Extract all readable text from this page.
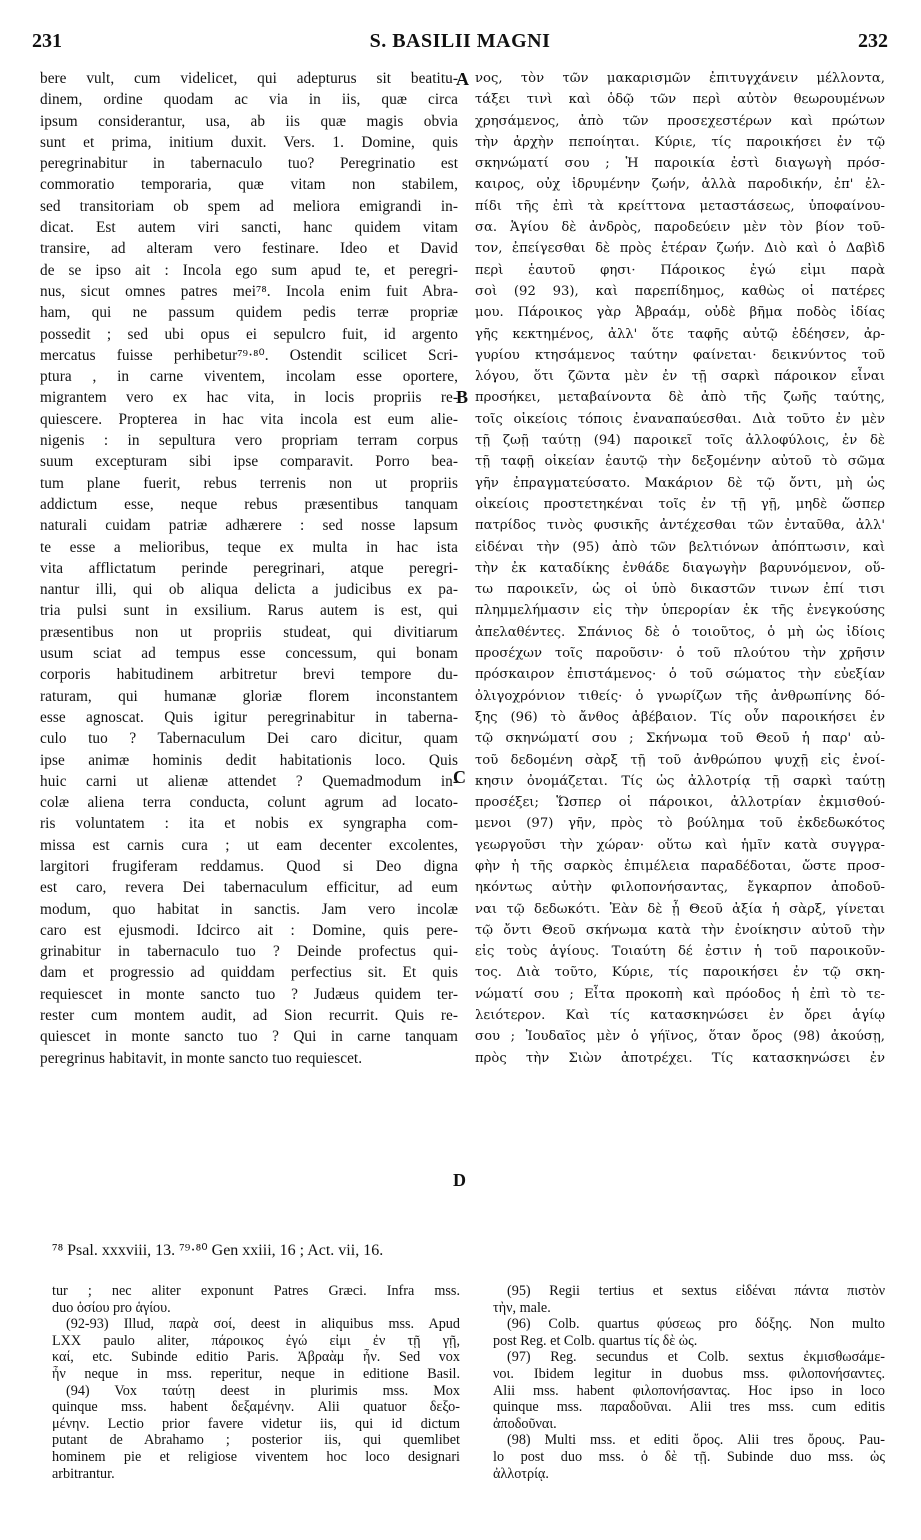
231	S. BASILII MAGNI	232
bere vult, cum videlicet, qui adepturus sit beatitu-
dinem, ordine quodam ac via in iis, quæ circa
ipsum considerantur, usa, ab iis quæ magis obvia
sunt et prima, initium duxit. Vers. 1. Domine, quis
peregrinabitur in tabernaculo tuo? Peregrinatio est
commoratio temporaria, quæ vitam non stabilem,
sed transitoriam ob spem ad meliora emigrandi in-
dicat. Est autem viri sancti, hanc quidem vitam
transire, ad alteram vero festinare. Ideo et David
de se ipso ait : Incola ego sum apud te, et peregri-
nus, sicut omnes patres mei⁷⁸. Incola enim fuit Abra-
ham, qui ne passum quidem pedis terræ propriæ
possedit ; sed ubi opus ei sepulcro fuit, id argento
mercatus fuisse perhibetur⁷⁹·⁸⁰. Ostendit scilicet Scri-
ptura , in carne viventem, incolam esse oportere,
migrantem vero ex hac vita, in locis propriis re-
quiescere. Propterea in hac vita incola est eum alie-
nigenis : in sepultura vero propriam terram corpus
suum excepturam sibi ipse comparavit. Porro bea-
tum plane fuerit, rebus terrenis non ut propriis
addictum esse, neque rebus præsentibus tanquam
naturali cuidam patriæ adhærere : sed nosse lapsum
te esse a melioribus, teque ex multa in hac ista
vita afflictatum perinde peregrinari, atque peregri-
nantur illi, qui ob aliqua delicta a judicibus ex pa-
tria pulsi sunt in exsilium. Rarus autem is est, qui
præsentibus non ut propriis studeat, qui divitiarum
usum sciat ad tempus esse concessum, qui bonam
corporis habitudinem arbitretur brevi tempore du-
raturam, qui humanæ gloriæ florem inconstantem
esse agnoscat. Quis igitur peregrinabitur in taberna-
culo tuo ? Tabernaculum Dei caro dicitur, quam
ipse animæ hominis dedit habitationis loco. Quis
huic carni ut alienæ attendet ? Quemadmodum in-
colæ aliena terra conducta, colunt agrum ad locato-
ris voluntatem : ita et nobis ex syngrapha com-
missa est carnis cura ; ut eam decenter excolentes,
largitori frugiferam reddamus. Quod si Deo digna
est caro, revera Dei tabernaculum efficitur, ad eum
modum, quo habitat in sanctis. Jam vero incolæ
caro est ejusmodi. Idcirco ait : Domine, quis pere-
grinabitur in tabernaculo tuo ? Deinde profectus qui-
dam et progressio ad quiddam perfectius sit. Et quis
requiescet in monte sancto tuo ? Judæus quidem ter-
rester cum montem audit, ad Sion recurrit. Quis re-
quiescet in monte sancto tuo ? Qui in carne tanquam
peregrinus habitavit, in monte sancto tuo requiescet.
A
B
C
D
νος, τὸν τῶν μακαρισμῶν ἐπιτυγχάνειν μέλλοντα,
τάξει τινὶ καὶ ὁδῷ τῶν περὶ αὐτὸν θεωρουμένων
χρησάμενος, ἀπὸ τῶν προσεχεστέρων καὶ πρώτων
τὴν ἀρχὴν πεποίηται. Κύριε, τίς παροικήσει ἐν τῷ
σκηνώματί σου ; Ἡ παροικία ἐστὶ διαγωγὴ πρόσ-
καιρος, οὐχ ἱδρυμένην ζωήν, ἀλλὰ παροδικήν, ἐπ' ἐλ-
πίδι τῆς ἐπὶ τὰ κρείττονα μεταστάσεως, ὑποφαίνου-
σα. Ἁγίου δὲ ἀνδρὸς, παροδεύειν μὲν τὸν βίον τοῦ-
τον, ἐπείγεσθαι δὲ πρὸς ἑτέραν ζωήν. Διὸ καὶ ὁ Δαβὶδ
περὶ ἑαυτοῦ φησι· Πάροικος ἐγώ εἰμι παρὰ
σοὶ (92 93), καὶ παρεπίδημος, καθὼς οἱ πατέρες
μου. Πάροικος γὰρ Ἀβραάμ, οὐδὲ βῆμα ποδὸς ἰδίας
γῆς κεκτημένος, ἀλλ' ὅτε ταφῆς αὐτῷ ἐδέησεν, ἀρ-
γυρίου κτησάμενος ταύτην φαίνεται· δεικνύντος τοῦ
λόγου, ὅτι ζῶντα μὲν ἐν τῇ σαρκὶ πάροικον εἶναι
προσήκει, μεταβαίνοντα δὲ ἀπὸ τῆς ζωῆς ταύτης,
τοῖς οἰκείοις τόποις ἐναναπαύεσθαι. Διὰ τοῦτο ἐν μὲν
τῇ ζωῇ ταύτῃ (94) παροικεῖ τοῖς ἀλλοφύλοις, ἐν δὲ
τῇ ταφῇ οἰκείαν ἑαυτῷ τὴν δεξομένην αὐτοῦ τὸ σῶμα
γῆν ἐπραγματεύσατο. Μακάριον δὲ τῷ ὄντι, μὴ ὡς
οἰκείοις προστετηκέναι τοῖς ἐν τῇ γῇ, μηδὲ ὥσπερ
πατρίδος τινὸς φυσικῆς ἀντέχεσθαι τῶν ἐνταῦθα, ἀλλ'
εἰδέναι τὴν (95) ἀπὸ τῶν βελτιόνων ἀπόπτωσιν, καὶ
τὴν ἐκ καταδίκης ἐνθάδε διαγωγὴν βαρυνόμενον, οὕ-
τω παροικεῖν, ὡς οἱ ὑπὸ δικαστῶν τινων ἐπί τισι
πλημμελήμασιν εἰς τὴν ὑπερορίαν ἐκ τῆς ἐνεγκούσης
ἀπελαθέντες. Σπάνιος δὲ ὁ τοιοῦτος, ὁ μὴ ὡς ἰδίοις
προσέχων τοῖς παροῦσιν· ὁ τοῦ πλούτου τὴν χρῆσιν
πρόσκαιρον ἐπιστάμενος· ὁ τοῦ σώματος τὴν εὐεξίαν
ὀλιγοχρόνιον τιθείς· ὁ γνωρίζων τῆς ἀνθρωπίνης δό-
ξης (96) τὸ ἄνθος ἀβέβαιον. Τίς οὖν παροικήσει ἐν
τῷ σκηνώματί σου ; Σκήνωμα τοῦ Θεοῦ ἡ παρ' αὐ-
τοῦ δεδομένη σὰρξ τῇ τοῦ ἀνθρώπου ψυχῇ εἰς ἐνοί-
κησιν ὀνομάζεται. Τίς ὡς ἀλλοτρίᾳ τῇ σαρκὶ ταύτῃ
προσέξει; Ὥσπερ οἱ πάροικοι, ἀλλοτρίαν ἐκμισθού-
μενοι (97) γῆν, πρὸς τὸ βούλημα τοῦ ἐκδεδωκότος
γεωργοῦσι τὴν χώραν· οὕτω καὶ ἡμῖν κατὰ συγγρα-
φὴν ἡ τῆς σαρκὸς ἐπιμέλεια παραδέδοται, ὥστε προσ-
ηκόντως αὐτὴν φιλοπονήσαντας, ἔγκαρπον ἀποδοῦ-
ναι τῷ δεδωκότι. Ἐὰν δὲ ᾖ Θεοῦ ἀξία ἡ σὰρξ, γίνεται
τῷ ὄντι Θεοῦ σκήνωμα κατὰ τὴν ἐνοίκησιν αὐτοῦ τὴν
εἰς τοὺς ἁγίους. Τοιαύτη δέ ἐστιν ἡ τοῦ παροικοῦν-
τος. Διὰ τοῦτο, Κύριε, τίς παροικήσει ἐν τῷ σκη-
νώματί σου ; Εἶτα προκοπὴ καὶ πρόοδος ἡ ἐπὶ τὸ τε-
λειότερον. Καὶ τίς κατασκηνώσει ἐν ὄρει ἁγίῳ
σου ; Ἰουδαῖος μὲν ὁ γήϊνος, ὅταν ὄρος (98) ἀκούσῃ,
πρὸς τὴν Σιὼν ἀποτρέχει. Τίς κατασκηνώσει ἐν
⁷⁸ Psal. xxxviii, 13. ⁷⁹·⁸⁰ Gen xxiii, 16 ; Act. vii, 16.
tur ; nec aliter exponunt Patres Græci. Infra mss.
duo ὁσίου pro ἁγίου.
(92-93) Illud, παρὰ σοί, deest in aliquibus mss. Apud
LXX paulo aliter, πάροικος ἐγώ εἰμι ἐν τῇ γῇ,
καί, etc. Subinde editio Paris. Ἀβραὰμ ἦν. Sed vox
ἦν neque in mss. reperitur, neque in editione Basil.
(94) Vox ταύτῃ deest in plurimis mss. Mox
quinque mss. habent δεξαμένην. Alii quatuor δεξο-
μένην. Lectio prior favere videtur iis, qui id dictum
putant de Abrahamo ; posterior iis, qui quemlibet
hominem pie et religiose viventem hoc loco designari
arbitrantur.
(95) Regii tertius et sextus εἰδέναι πάντα πιστὸν
τὴν, male.
(96) Colb. quartus φύσεως pro δόξης. Non multo
post Reg. et Colb. quartus τίς δὲ ὡς.
(97) Reg. secundus et Colb. sextus ἐκμισθωσάμε-
νοι. Ibidem legitur in duobus mss. φιλοπονήσαντες.
Alii mss. habent φιλοπονήσαντας. Hoc ipso in loco
quinque mss. παραδοῦναι. Alii tres mss. cum editis
ἀποδοῦναι.
(98) Multi mss. et editi ὄρος. Alii tres ὄρους. Pau-
lo post duo mss. ὁ δὲ τῇ. Subinde duo mss. ὡς
ἀλλοτρίᾳ.
